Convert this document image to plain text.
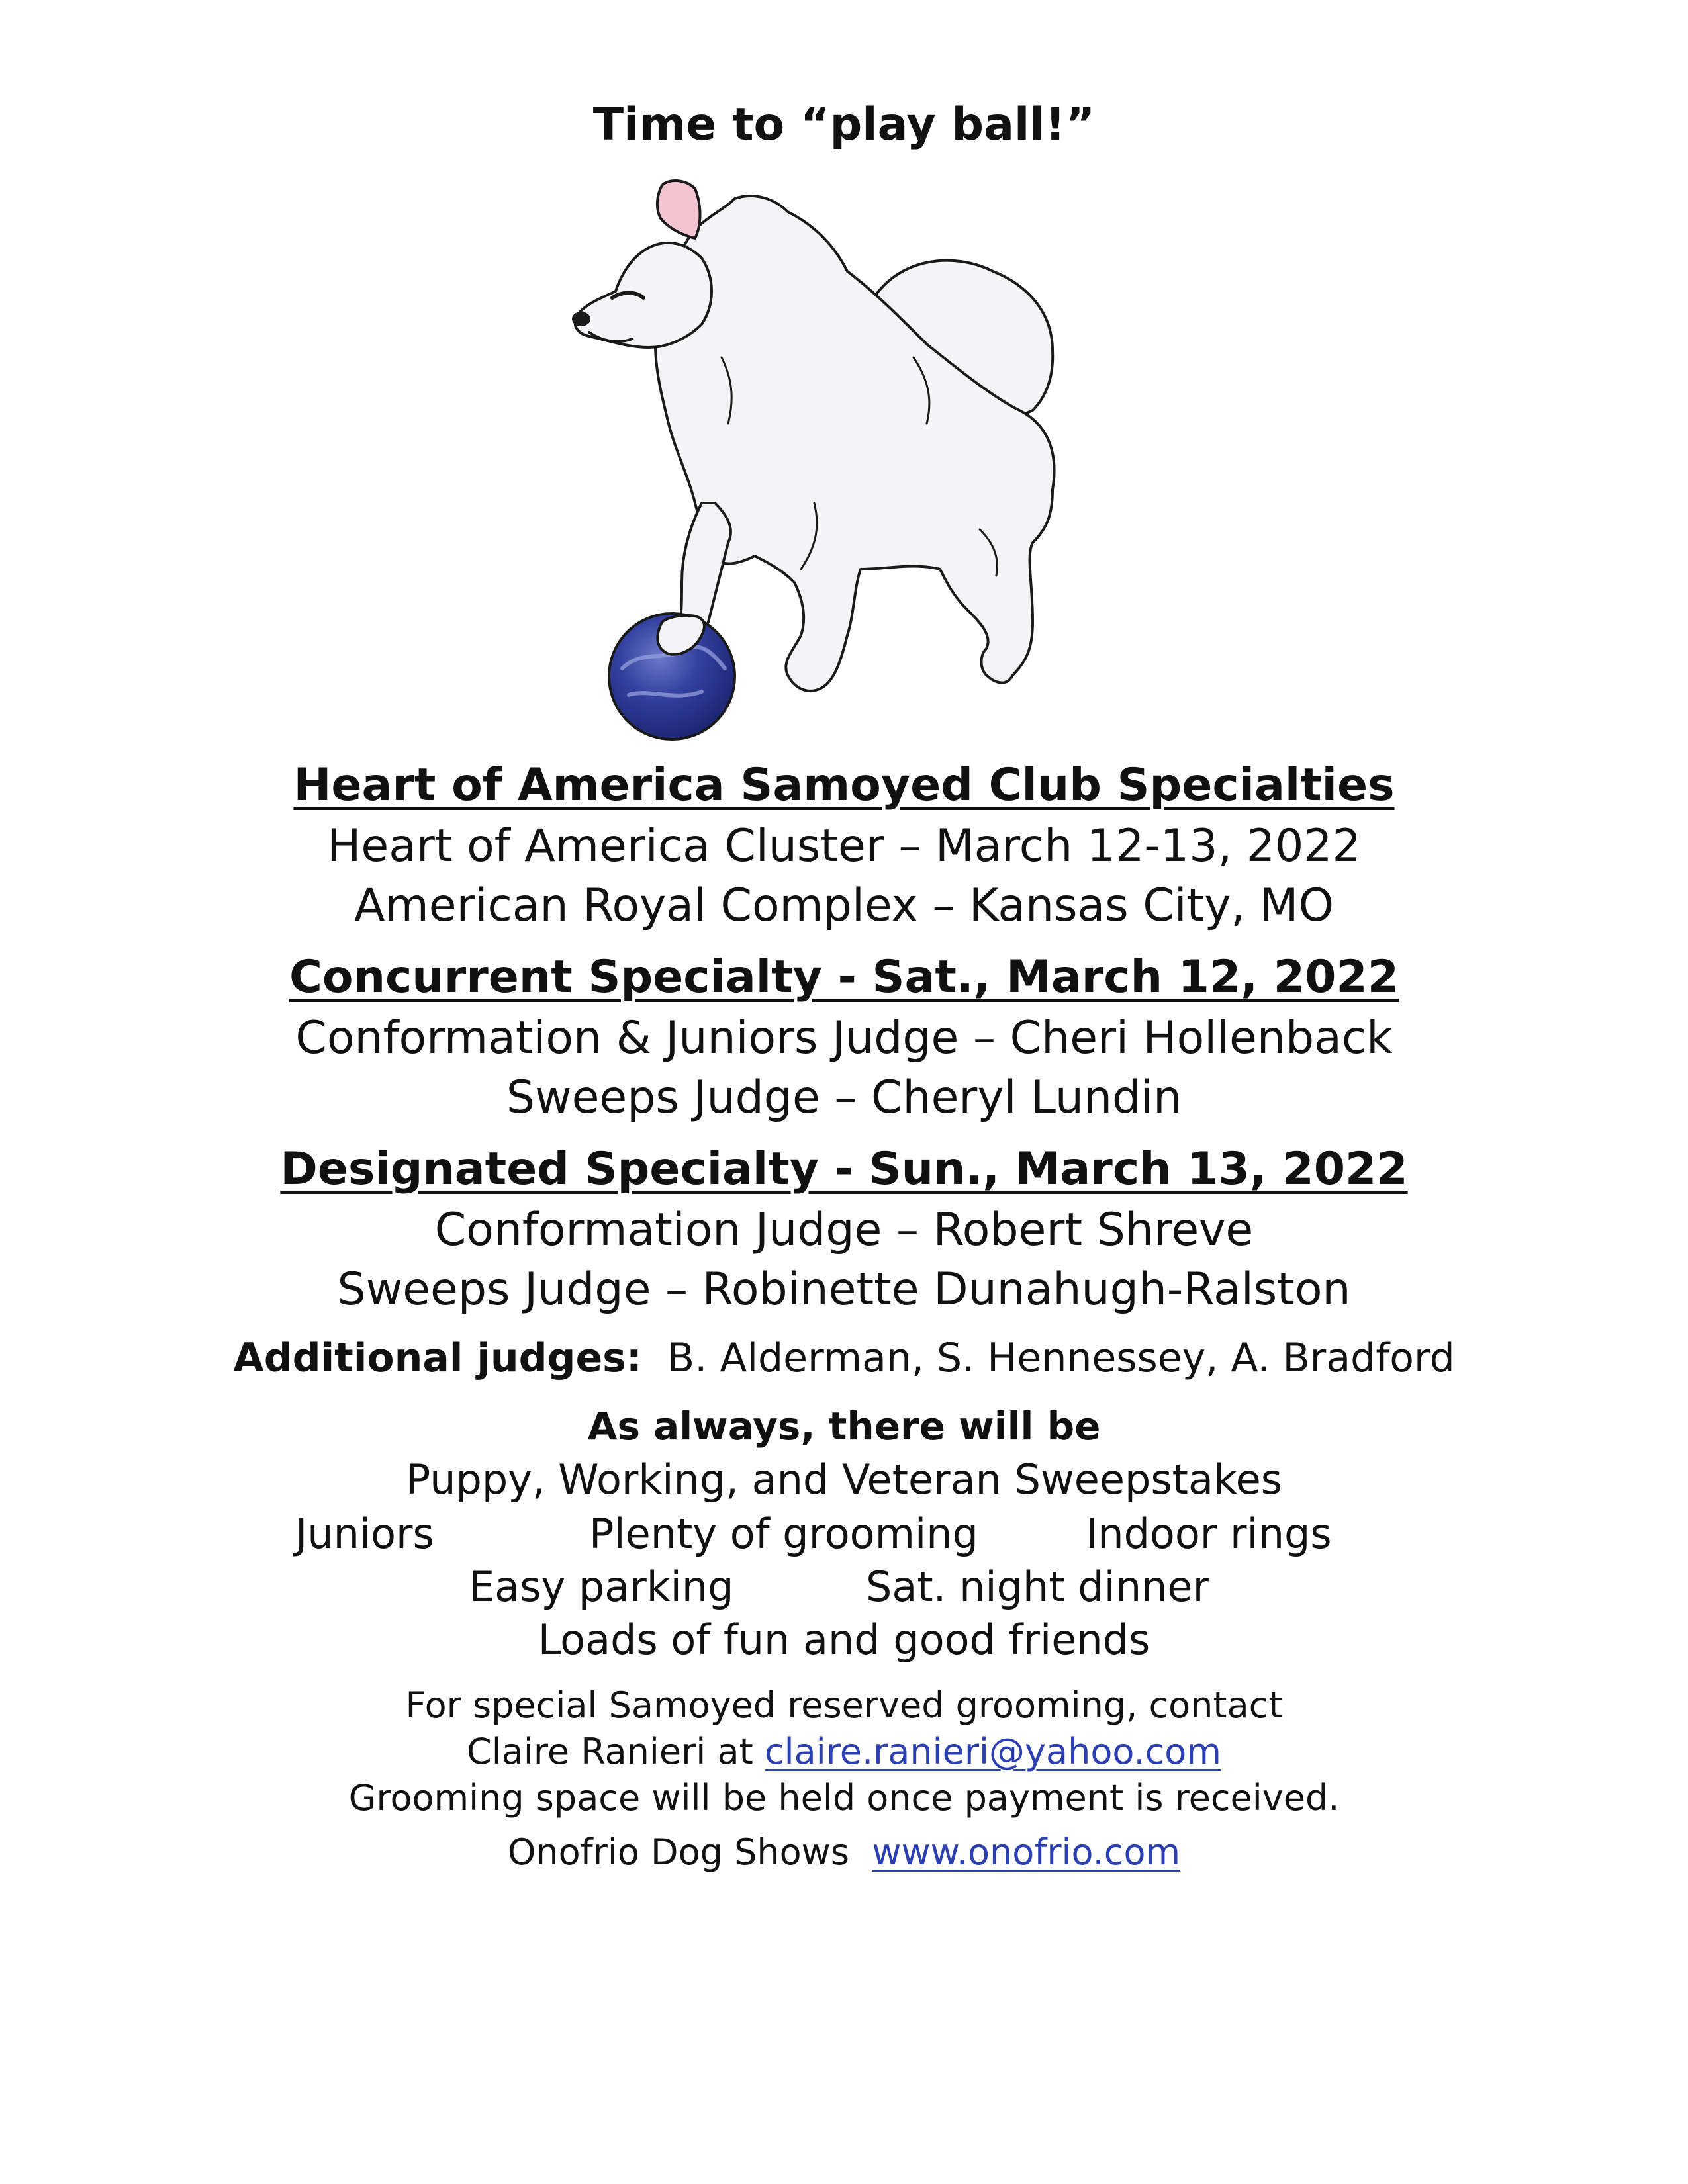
Time to “play ball!”
Heart of America Samoyed Club Specialties
Heart of America Cluster – March 12-13, 2022
American Royal Complex – Kansas City, MO
Concurrent Specialty - Sat., March 12, 2022
Conformation & Juniors Judge – Cheri Hollenback
Sweeps Judge – Cheryl Lundin
Designated Specialty - Sun., March 13, 2022
Conformation Judge – Robert Shreve
Sweeps Judge – Robinette Dunahugh-Ralston
Additional judges: B. Alderman, S. Hennessey, A. Bradford
As always, there will be
Puppy, Working, and Veteran Sweepstakes
Juniors	Plenty of grooming	Indoor rings
Easy parking	Sat. night dinner
Loads of fun and good friends
For special Samoyed reserved grooming, contact
Claire Ranieri at claire.ranieri@yahoo.com
Grooming space will be held once payment is received.
Onofrio Dog Shows www.onofrio.com
